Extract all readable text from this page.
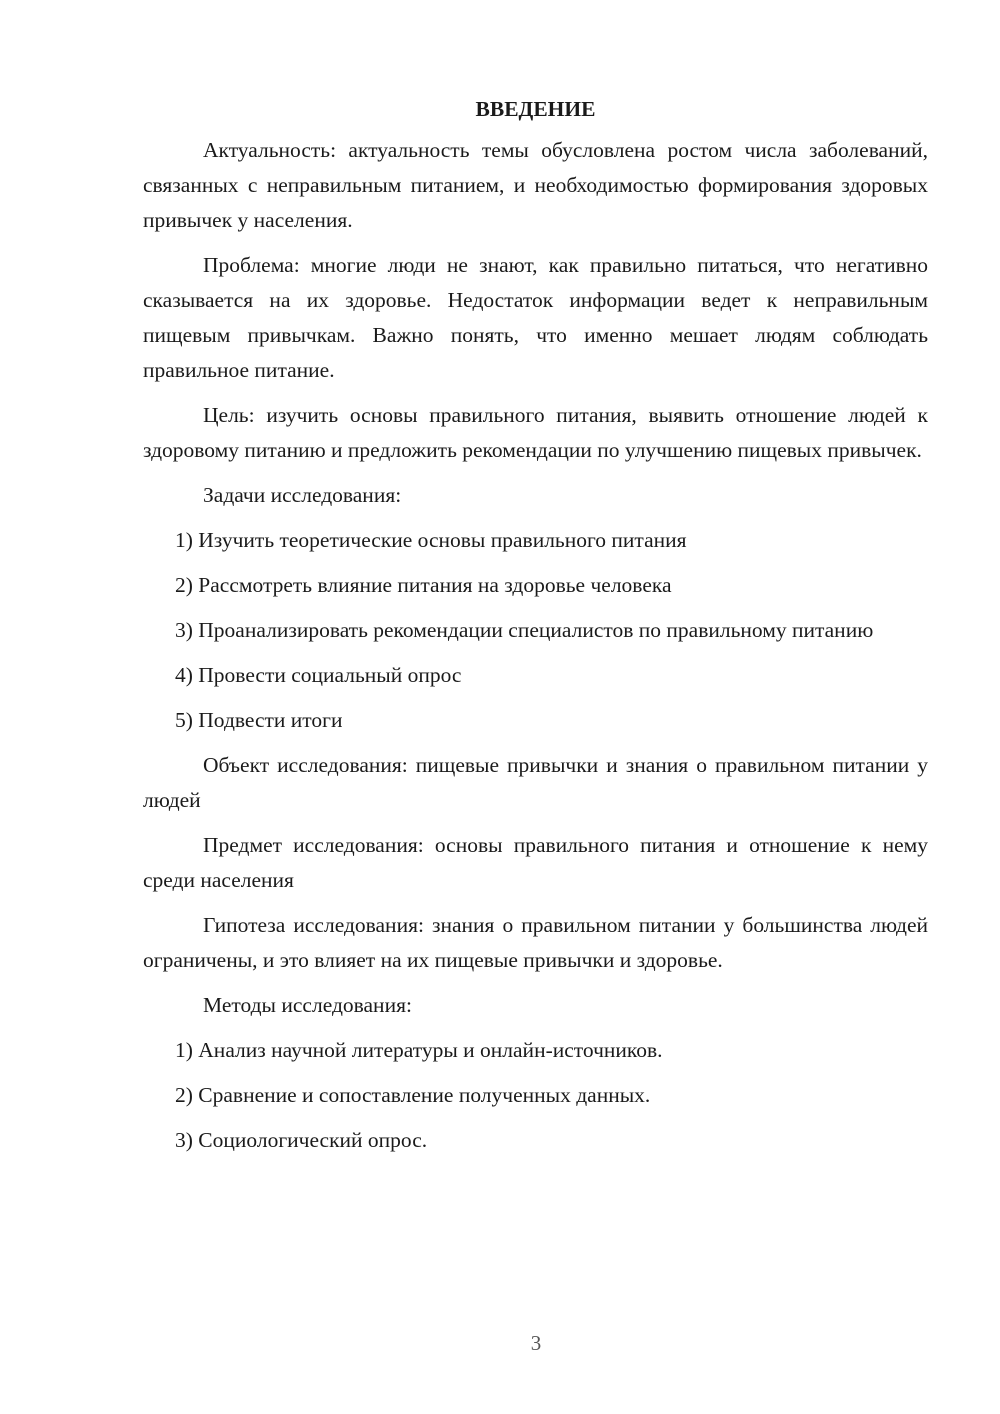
ВВЕДЕНИЕ

Актуальность: актуальность темы обусловлена ростом числа заболеваний, связанных с неправильным питанием, и необходимостью формирования здоровых привычек у населения.

Проблема: многие люди не знают, как правильно питаться, что негативно сказывается на их здоровье. Недостаток информации ведет к неправильным пищевым привычкам. Важно понять, что именно мешает людям соблюдать правильное питание.

Цель: изучить основы правильного питания, выявить отношение людей к здоровому питанию и предложить рекомендации по улучшению пищевых привычек.

Задачи исследования:

1) Изучить теоретические основы правильного питания

2) Рассмотреть влияние питания на здоровье человека

3) Проанализировать рекомендации специалистов по правильному питанию

4) Провести социальный опрос

5) Подвести итоги

Объект исследования: пищевые привычки и знания о правильном питании у людей

Предмет исследования: основы правильного питания и отношение к нему среди населения

Гипотеза исследования: знания о правильном питании у большинства людей ограничены, и это влияет на их пищевые привычки и здоровье.

Методы исследования:

1) Анализ научной литературы и онлайн-источников.

2) Сравнение и сопоставление полученных данных.

3) Социологический опрос.

3
